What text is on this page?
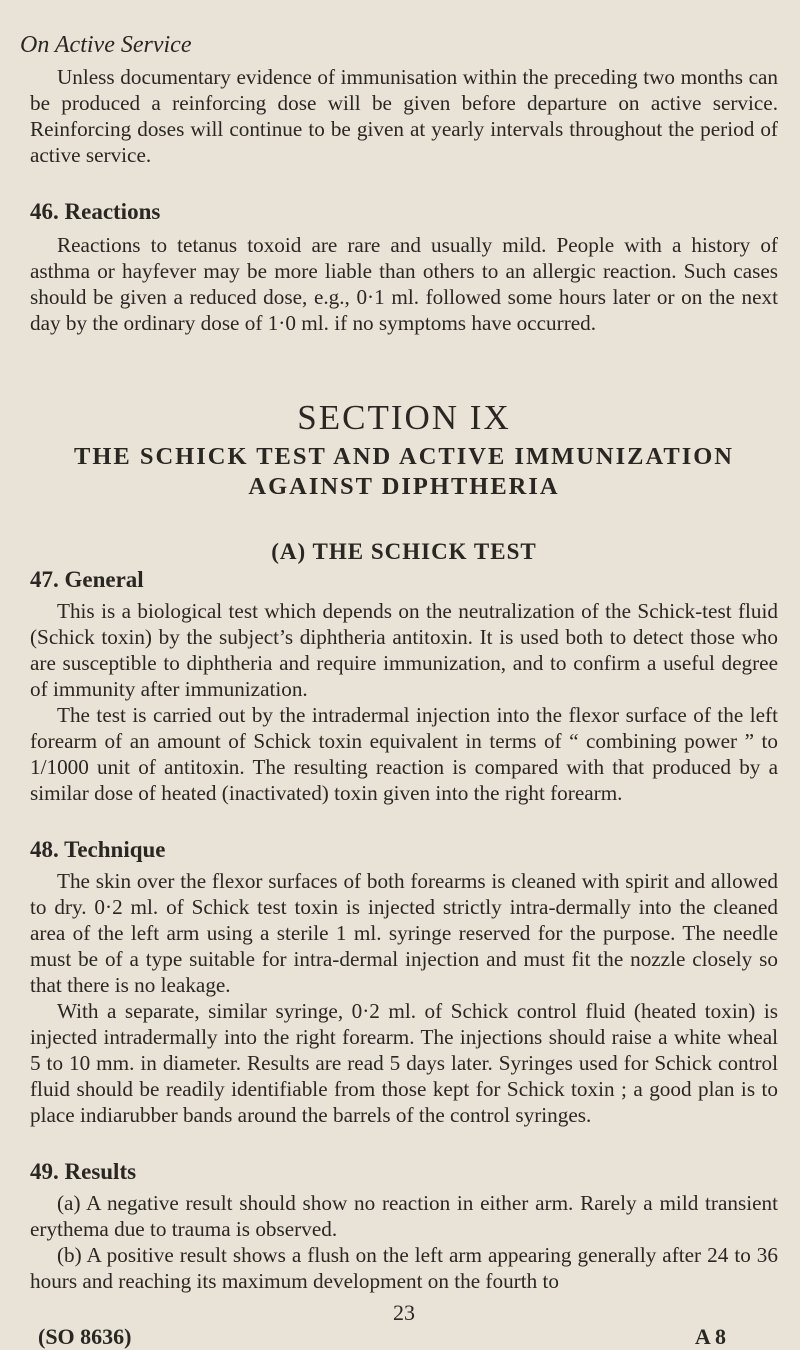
On Active Service

Unless documentary evidence of immunisation within the preceding two months can be produced a reinforcing dose will be given before departure on active service. Reinforcing doses will continue to be given at yearly intervals throughout the period of active service.

46. Reactions

Reactions to tetanus toxoid are rare and usually mild. People with a history of asthma or hayfever may be more liable than others to an allergic reaction. Such cases should be given a reduced dose, e.g., 0·1 ml. followed some hours later or on the next day by the ordinary dose of 1·0 ml. if no symptoms have occurred.

SECTION IX
THE SCHICK TEST AND ACTIVE IMMUNIZATION
AGAINST DIPHTHERIA
(A) THE SCHICK TEST
47. General

This is a biological test which depends on the neutralization of the Schick-test fluid (Schick toxin) by the subject’s diphtheria antitoxin. It is used both to detect those who are susceptible to diphtheria and require immunization, and to confirm a useful degree of immunity after immunization.

The test is carried out by the intradermal injection into the flexor surface of the left forearm of an amount of Schick toxin equivalent in terms of “ combining power ” to 1/1000 unit of antitoxin. The resulting reaction is compared with that produced by a similar dose of heated (inactivated) toxin given into the right forearm.

48. Technique

The skin over the flexor surfaces of both forearms is cleaned with spirit and allowed to dry. 0·2 ml. of Schick test toxin is injected strictly intra-dermally into the cleaned area of the left arm using a sterile 1 ml. syringe reserved for the purpose. The needle must be of a type suitable for intra-dermal injection and must fit the nozzle closely so that there is no leakage.

With a separate, similar syringe, 0·2 ml. of Schick control fluid (heated toxin) is injected intradermally into the right forearm. The injections should raise a white wheal 5 to 10 mm. in diameter. Results are read 5 days later. Syringes used for Schick control fluid should be readily identifiable from those kept for Schick toxin ; a good plan is to place indiarubber bands around the barrels of the control syringes.

49. Results

(a) A negative result should show no reaction in either arm. Rarely a mild transient erythema due to trauma is observed.

(b) A positive result shows a flush on the left arm appearing generally after 24 to 36 hours and reaching its maximum development on the fourth to

23
(SO 8636)	A 8
